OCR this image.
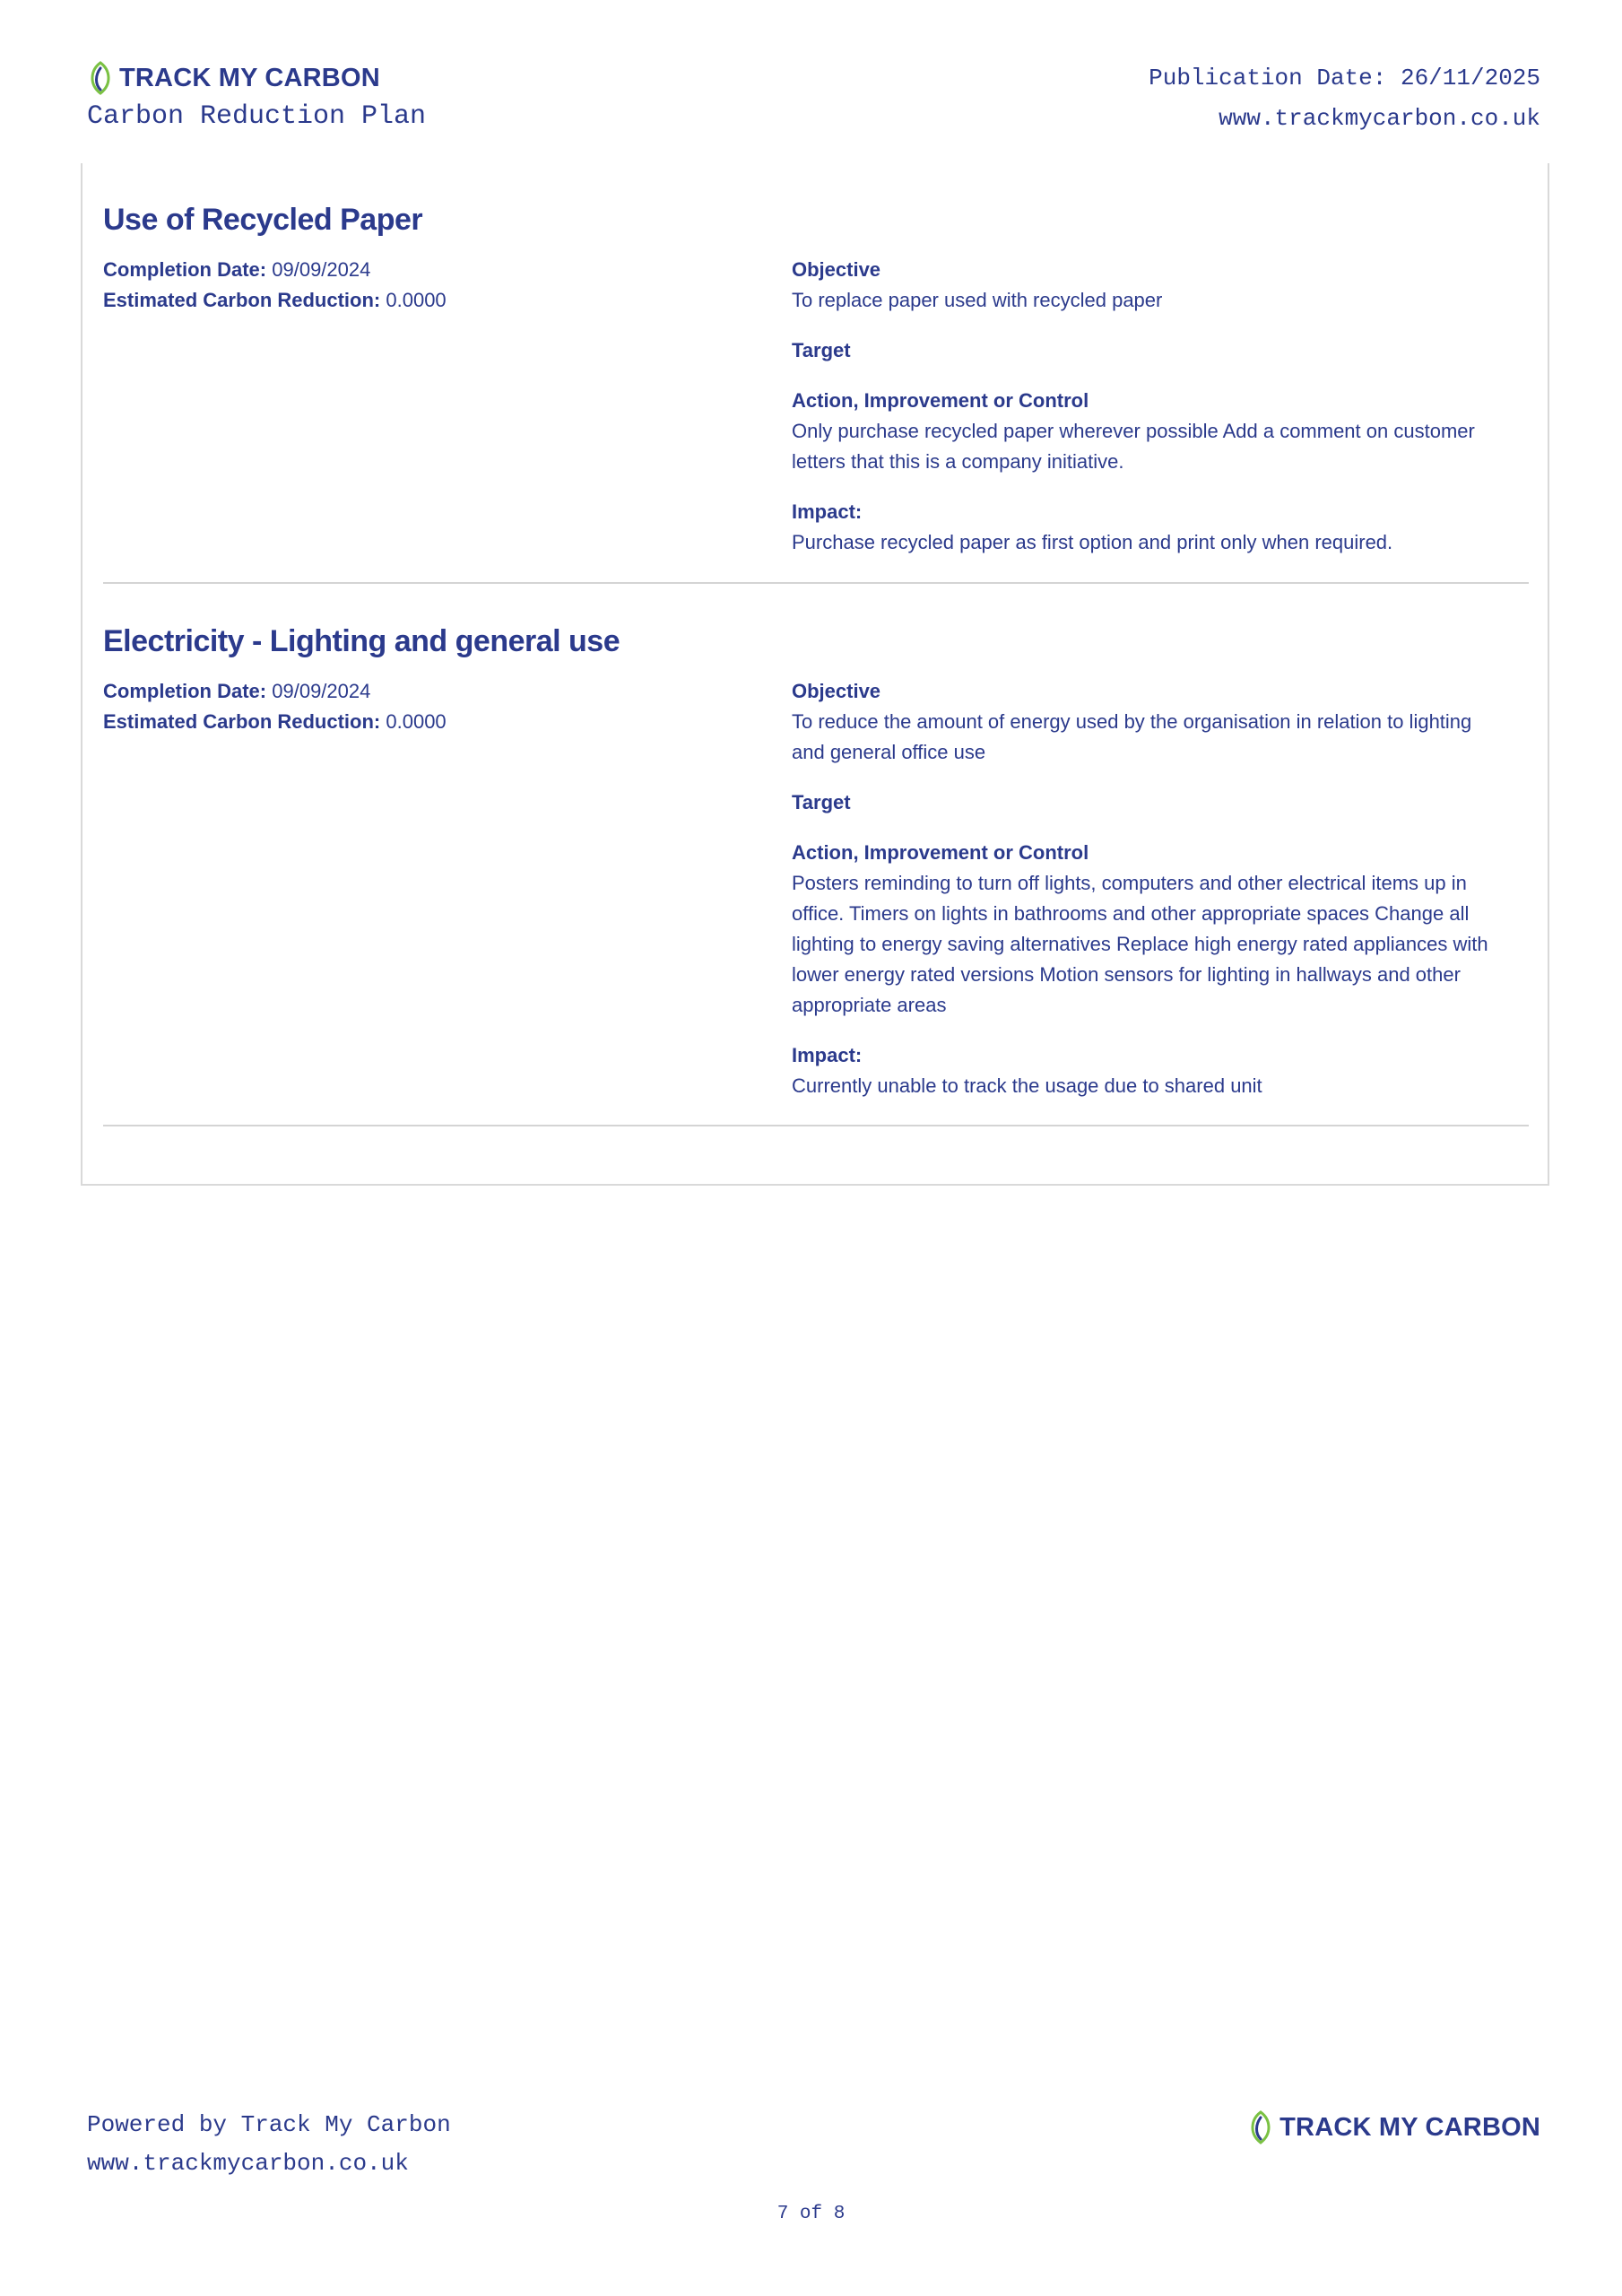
TRACK MY CARBON
Carbon Reduction Plan
Publication Date: 26/11/2025
www.trackmycarbon.co.uk
Use of Recycled Paper
Completion Date: 09/09/2024
Estimated Carbon Reduction: 0.0000
Objective
To replace paper used with recycled paper
Target
Action, Improvement or Control
Only purchase recycled paper wherever possible Add a comment on customer letters that this is a company initiative.
Impact:
Purchase recycled paper as first option and print only when required.
Electricity - Lighting and general use
Completion Date: 09/09/2024
Estimated Carbon Reduction: 0.0000
Objective
To reduce the amount of energy used by the organisation in relation to lighting and general office use
Target
Action, Improvement or Control
Posters reminding to turn off lights, computers and other electrical items up in office. Timers on lights in bathrooms and other appropriate spaces Change all lighting to energy saving alternatives Replace high energy rated appliances with lower energy rated versions Motion sensors for lighting in hallways and other appropriate areas
Impact:
Currently unable to track the usage due to shared unit
Powered by Track My Carbon
www.trackmycarbon.co.uk
TRACK MY CARBON
7 of 8
